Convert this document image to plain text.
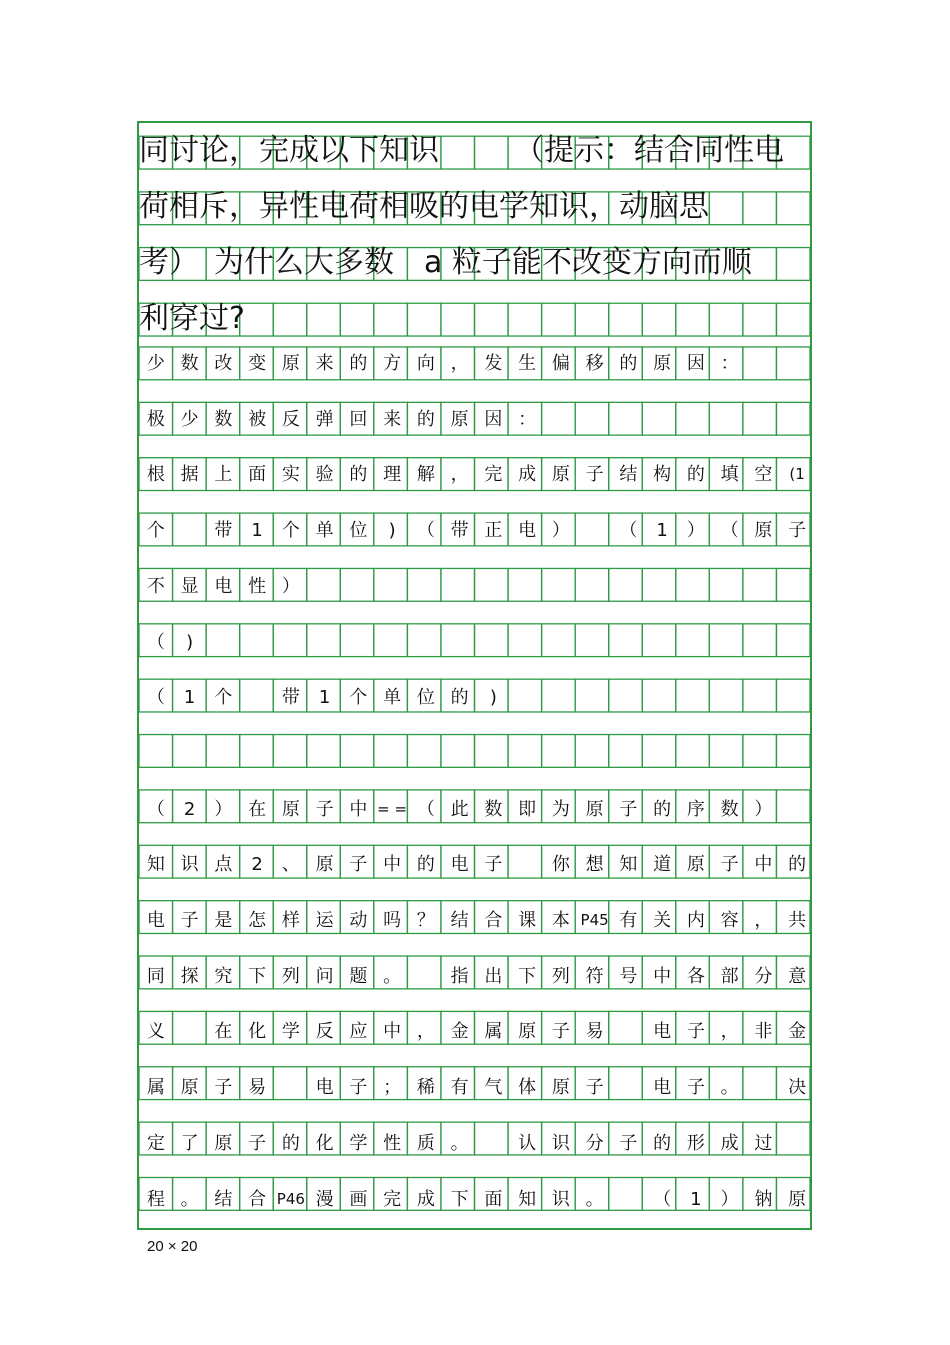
同讨论，完成以下知识　　　（提示：结合同性电
荷相斥，异性电荷相吸的电学知识，动脑思
考）　为什么大多数　a 粒子能不改变方向而顺
利穿过?
少 数 改 变 原 来 的 方 向 ， 发 生 偏 移 的 原 因 ：
极 少 数 被 反 弹 回 来 的 原 因 ：
根 据 上 面 实 验 的 理 解 ， 完 成 原 子 结 构 的 填 空	(1
个	带	1	个 单 位	)	（ 带 正 电 ）	（	1	） （ 原 子
不 显 电 性 ）
（	)
（	1	个	带	1	个 单 位 的	)
（	2	） 在 原 子 中 = = （ 此 数 即 为 原 子 的 序 数 ）
知 识 点	2	、 原 子 中 的 电 子	你 想 知 道 原 子 中 的
电 子 是 怎 样 运 动 吗 ？ 结 合 课 本 P45 有 关 内 容 ， 共
同 探 究 下 列 问 题 。	指 出 下 列 符 号 中 各 部 分 意
义	在 化 学 反 应 中 ， 金 属 原 子 易	电 子 ， 非 金
属 原 子 易	电 子 ； 稀 有 气 体 原 子	电 子 。	决
定 了 原 子 的 化 学 性 质 。	认 识 分 子 的 形 成 过
程 。 结 合 P46 漫 画 完 成 下 面 知 识 。	（	1	） 钠 原
20 × 20
